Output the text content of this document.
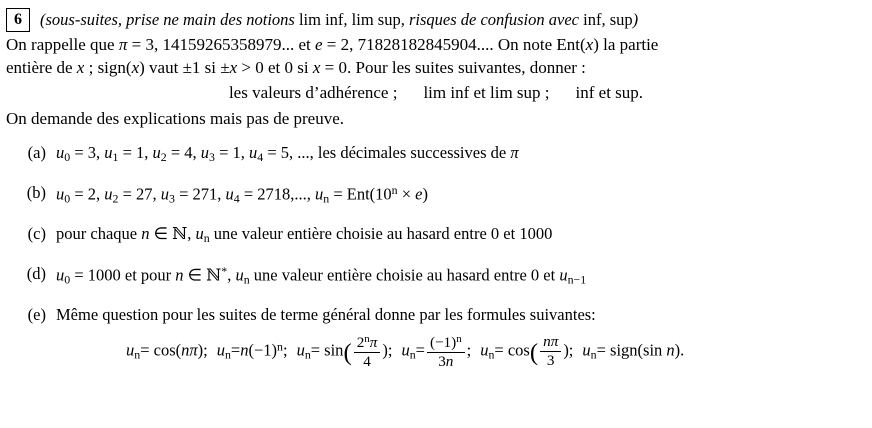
6	(sous-suites, prise ne main des notions lim inf, lim sup, risques de confusion avec inf, sup)

On rappelle que π = 3, 14159265358979... et e = 2, 71828182845904.... On note Ent(x) la partie

entière de x ; sign(x) vaut ±1 si ±x > 0 et 0 si x = 0. Pour les suites suivantes, donner :

les valeurs d’adhérence ; lim inf et lim sup ; inf et sup.
On demande des explications mais pas de preuve.
(a) $u_0 = 3$, $u_1 = 1$, $u_2 = 4$, $u_3 = 1$, $u_4 = 5$, ..., les décimales successives de π
(b) $u_0 = 2$, $u_2 = 27$, $u_3 = 271$, $u_4 = 2718$,..., $u_n = Ent(10^n \times e)$
(c) pour chaque n ∈ ℕ, $u_n$ une valeur entière choisie au hasard entre 0 et 1000
(d) $u_0 = 1000$ et pour n ∈ ℕ*, $u_n$ une valeur entière choisie au hasard entre 0 et $u_{n-1}$
(e) Même question pour les suites de terme général donne par les formules suivantes:
$u_n= \cos(n\pi)$; $u_n=n(-1)^n$; $u_n= \sin( \frac{2^n\pi}{4}$ ); $u_n= \frac{(-1)^n}{3n}$ ; $u_n= \cos( \frac{n\pi}{3}$ ); $u_n=$ sign(sin n).
